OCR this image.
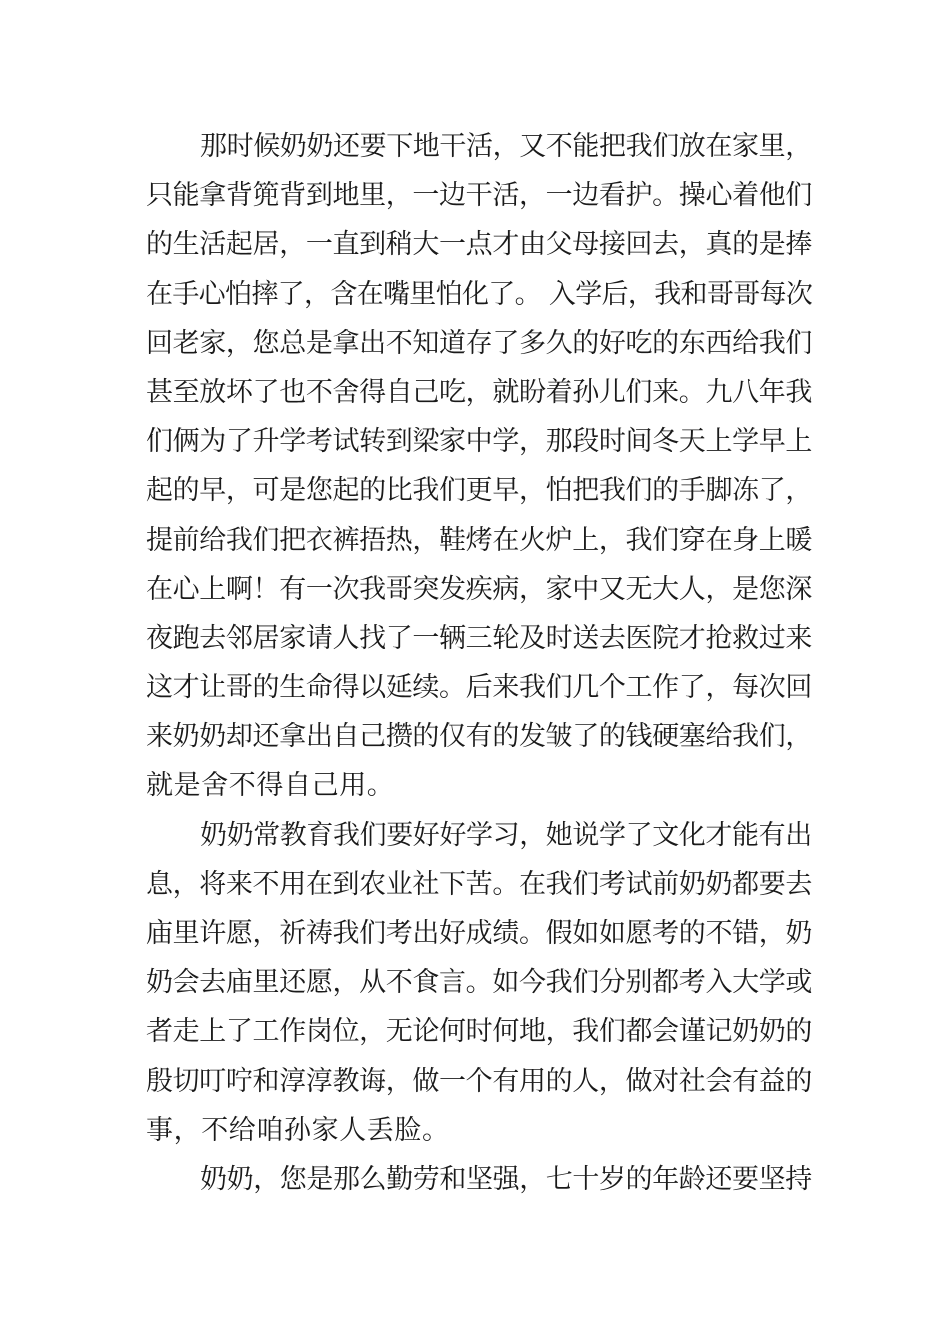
那时候奶奶还要下地干活，又不能把我们放在家里，
只能拿背篼背到地里，一边干活，一边看护。操心着他们
的生活起居，一直到稍大一点才由父母接回去，真的是捧
在手心怕摔了，含在嘴里怕化了。 入学后，我和哥哥每次
回老家，您总是拿出不知道存了多久的好吃的东西给我们
甚至放坏了也不舍得自己吃，就盼着孙儿们来。九八年我
们俩为了升学考试转到梁家中学，那段时间冬天上学早上
起的早，可是您起的比我们更早，怕把我们的手脚冻了，
提前给我们把衣裤捂热，鞋烤在火炉上，我们穿在身上暖
在心上啊！有一次我哥突发疾病，家中又无大人，是您深
夜跑去邻居家请人找了一辆三轮及时送去医院才抢救过来
这才让哥的生命得以延续。后来我们几个工作了，每次回
来奶奶却还拿出自己攒的仅有的发皱了的钱硬塞给我们，
就是舍不得自己用。
奶奶常教育我们要好好学习，她说学了文化才能有出
息，将来不用在到农业社下苦。在我们考试前奶奶都要去
庙里许愿，祈祷我们考出好成绩。假如如愿考的不错，奶
奶会去庙里还愿，从不食言。如今我们分别都考入大学或
者走上了工作岗位，无论何时何地，我们都会谨记奶奶的
殷切叮咛和淳淳教诲，做一个有用的人，做对社会有益的
事，不给咱孙家人丢脸。
奶奶，您是那么勤劳和坚强，七十岁的年龄还要坚持
